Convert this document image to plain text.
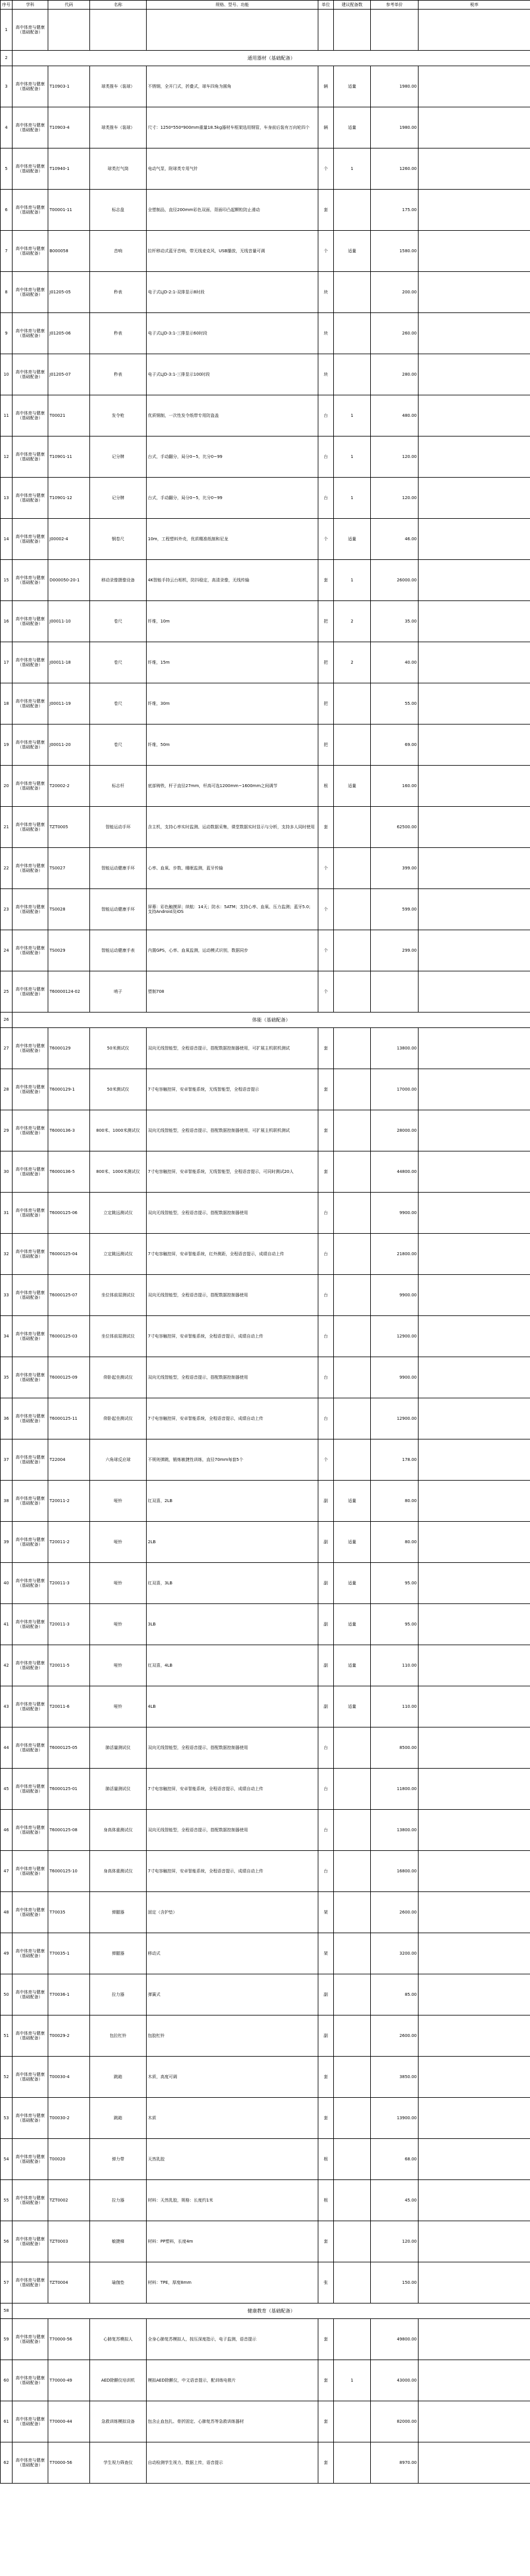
序号	学科	代码	名称	规格、型号、功能	单位	建议配备数	参考单价	税率
1	高中体育与健康（基础配备）							
2	通用器材（基础配备）							
3	高中体育与健康（基础配备）	T10903-1	球类推车（装球）	不锈钢，全开门式，折叠式，球车四角为圆角	辆	适量	1980.00	
4	高中体育与健康（基础配备）	T10903-4	球类推车（装球）	尺寸：1250*550*900mm重量18.5kg器材车框架选用钢管，车身前后装有万向轮四个	辆	适量	1980.00	
5	高中体育与健康（基础配备）	T10940-1	球类打气筒	电动气泵，附球类专用气针	个	1	1260.00	
6	高中体育与健康（基础配备）	T00001-11	标志盘	全塑制品，直径200mm彩色双面，背面印凸起颗粒防止滑动	套		175.00	
7	高中体育与健康（基础配备）	B000058	音响	拉杆移动式蓝牙音响，带无线麦克风，USB播放，无线音量可调	个	适量	1580.00	
8	高中体育与健康（基础配备）	J01205-05	秒表	电子式LJD-2:1-双排显示8时段	块		200.00	
9	高中体育与健康（基础配备）	J01205-06	秒表	电子式LJD-3:1-三排显示60时段	块		260.00	
10	高中体育与健康（基础配备）	J01205-07	秒表	电子式LJD-3:1-三排显示100时段	块		280.00	
11	高中体育与健康（基础配备）	T00021	发令枪	优质钢制，一次性发令纸带专用防盗盖	台	1	480.00	
12	高中体育与健康（基础配备）	T10901-11	记分牌	台式，手动翻分，局分0~5，比分0~99	台	1	120.00	
13	高中体育与健康（基础配备）	T10901-12	记分牌	台式，手动翻分，局分0~5，比分0~99	台	1	120.00	
14	高中体育与健康（基础配备）	J00002-4	钢卷尺	10m，工程塑料外壳，优质精准纸制和尼龙	个	适量	46.00	
15	高中体育与健康（基础配备）	D000050-20-1	移动录像摄像设备	4K智能手持云台相机，防抖稳定，高清录像，无线传输	套	1	26000.00	
16	高中体育与健康（基础配备）	J00011-10	卷尺	纤维，10m	把	2	35.00	
17	高中体育与健康（基础配备）	J00011-18	卷尺	纤维，15m	把	2	40.00	
18	高中体育与健康（基础配备）	J00011-19	卷尺	纤维，30m	把		55.00	
19	高中体育与健康（基础配备）	J00011-20	卷尺	纤维，50m	把		69.00	
20	高中体育与健康（基础配备）	T20002-2	标志杆	底部铸铁，杆子直径27mm，杆高可选1200mm~1600mm之间调节	根	适量	160.00	
21	高中体育与健康（基础配备）	TZT0005	智能运动手环	含主机，支持心率实时监测、运动数据采集，课堂数据实时显示与分析，支持多人同时使用	套		62500.00	
22	高中体育与健康（基础配备）	TS0027	智能运动健康手环	心率、血氧、步数、睡眠监测，蓝牙传输	个		399.00	
23	高中体育与健康（基础配备）	TS0028	智能运动健康手环	屏幕：彩色触摸屏；续航：14天；防水：5ATM；支持心率、血氧、压力监测；蓝牙5.0；支持Android及iOS	个		599.00	
24	高中体育与健康（基础配备）	TS0029	智能运动健康手表	内置GPS，心率、血氧监测，运动模式识别，数据同步	个		299.00	
25	高中体育与健康（基础配备）	T60000124-02	哨子	塑制708	个			
26	体能（基础配备）							
27	高中体育与健康（基础配备）	T6000129	50米测试仪	双向无线智能型，全程语音提示，搭配数据控制器使用，可扩展主机联机测试	套		13800.00	
28	高中体育与健康（基础配备）	T6000129-1	50米测试仪	7寸电容触控屏，安卓智能系统，无线智能型，全程语音提示	套		17000.00	
29	高中体育与健康（基础配备）	T6000136-3	800米、1000米测试仪	双向无线智能型，全程语音提示，搭配数据控制器使用，可扩展主机联机测试	套		28000.00	
30	高中体育与健康（基础配备）	T6000136-5	800米、1000米测试仪	7寸电容触控屏，安卓智能系统，无线智能型，全程语音提示，可同时测试20人	套		44800.00	
31	高中体育与健康（基础配备）	T6000125-06	立定跳远测试仪	双向无线智能型，全程语音提示，搭配数据控制器使用	台		9900.00	
32	高中体育与健康（基础配备）	T6000125-04	立定跳远测试仪	7寸电容触控屏，安卓智能系统，红外测距，全程语音提示，成绩自动上传	台		21800.00	
33	高中体育与健康（基础配备）	T6000125-07	坐位体前屈测试仪	双向无线智能型，全程语音提示，搭配数据控制器使用	台		9900.00	
34	高中体育与健康（基础配备）	T6000125-03	坐位体前屈测试仪	7寸电容触控屏，安卓智能系统，全程语音提示，成绩自动上传	台		12900.00	
35	高中体育与健康（基础配备）	T6000125-09	仰卧起坐测试仪	双向无线智能型，全程语音提示，搭配数据控制器使用	台		9900.00	
36	高中体育与健康（基础配备）	T6000125-11	仰卧起坐测试仪	7寸电容触控屏，安卓智能系统，全程语音提示，成绩自动上传	台		12900.00	
37	高中体育与健康（基础配备）	T22004	六角球反应球	不规则弹跳，锻炼敏捷性训练，直径70mm每套5个	个		178.00	
38	高中体育与健康（基础配备）	T20011-2	哑铃	红双喜，2LB	副	适量	80.00	
39	高中体育与健康（基础配备）	T20011-2	哑铃	2LB	副	适量	80.00	
40	高中体育与健康（基础配备）	T20011-3	哑铃	红双喜，3LB	副	适量	95.00	
41	高中体育与健康（基础配备）	T20011-3	哑铃	3LB	副	适量	95.00	
42	高中体育与健康（基础配备）	T20011-5	哑铃	红双喜，4LB	副	适量	110.00	
43	高中体育与健康（基础配备）	T20011-6	哑铃	4LB	副	适量	110.00	
44	高中体育与健康（基础配备）	T6000125-05	肺活量测试仪	双向无线智能型，全程语音提示，搭配数据控制器使用	台		8500.00	
45	高中体育与健康（基础配备）	T6000125-01	肺活量测试仪	7寸电容触控屏，安卓智能系统，全程语音提示，成绩自动上传	台		11800.00	
46	高中体育与健康（基础配备）	T6000125-08	身高体重测试仪	双向无线智能型，全程语音提示，搭配数据控制器使用	台		13800.00	
47	高中体育与健康（基础配备）	T6000125-10	身高体重测试仪	7寸电容触控屏，安卓智能系统，全程语音提示，成绩自动上传	台		16800.00	
48	高中体育与健康（基础配备）	T70035	弹腿器	固定（含护垫）	架		2600.00	
49	高中体育与健康（基础配备）	T70035-1	弹腿器	移动式	架		3200.00	
50	高中体育与健康（基础配备）	T70036-1	拉力器	弹簧式	副		85.00	
51	高中体育与健康（基础配备）	T00029-2	包拉杠铃	包胶杠铃	副		2600.00	
52	高中体育与健康（基础配备）	T00030-4	跳箱	木质，高度可调	套		3850.00	
53	高中体育与健康（基础配备）	T00030-2	跳箱	木质	套		13900.00	
54	高中体育与健康（基础配备）	T00020	弹力带	天然乳胶	根		68.00	
55	高中体育与健康（基础配备）	TZT0002	拉力器	材料：天然乳胶，规格：长度约1米	根		45.00	
56	高中体育与健康（基础配备）	TZT0003	敏捷梯	材料：PP塑料，长度4m	套		120.00	
57	高中体育与健康（基础配备）	TZT0004	瑜伽垫	材料：TPE，厚度8mm	张		150.00	
58	健康教育（基础配备）							
59	高中体育与健康（基础配备）	T70000-56	心肺复苏模拟人	全身心肺复苏模拟人，按压深度指示，电子监测，语音提示	套		49800.00	
60	高中体育与健康（基础配备）	T70000-49	AED除颤仪培训机	模拟AED除颤仪，中文语音提示，配训练电极片	套	1	43000.00	
61	高中体育与健康（基础配备）	T70000-44	急救训练模拟设备	包含止血包扎、骨折固定、心肺复苏等急救训练器材	套		82000.00	
62	高中体育与健康（基础配备）	T70000-56	学生视力筛查仪	自动检测学生视力，数据上传，语音提示	套		8970.00	
